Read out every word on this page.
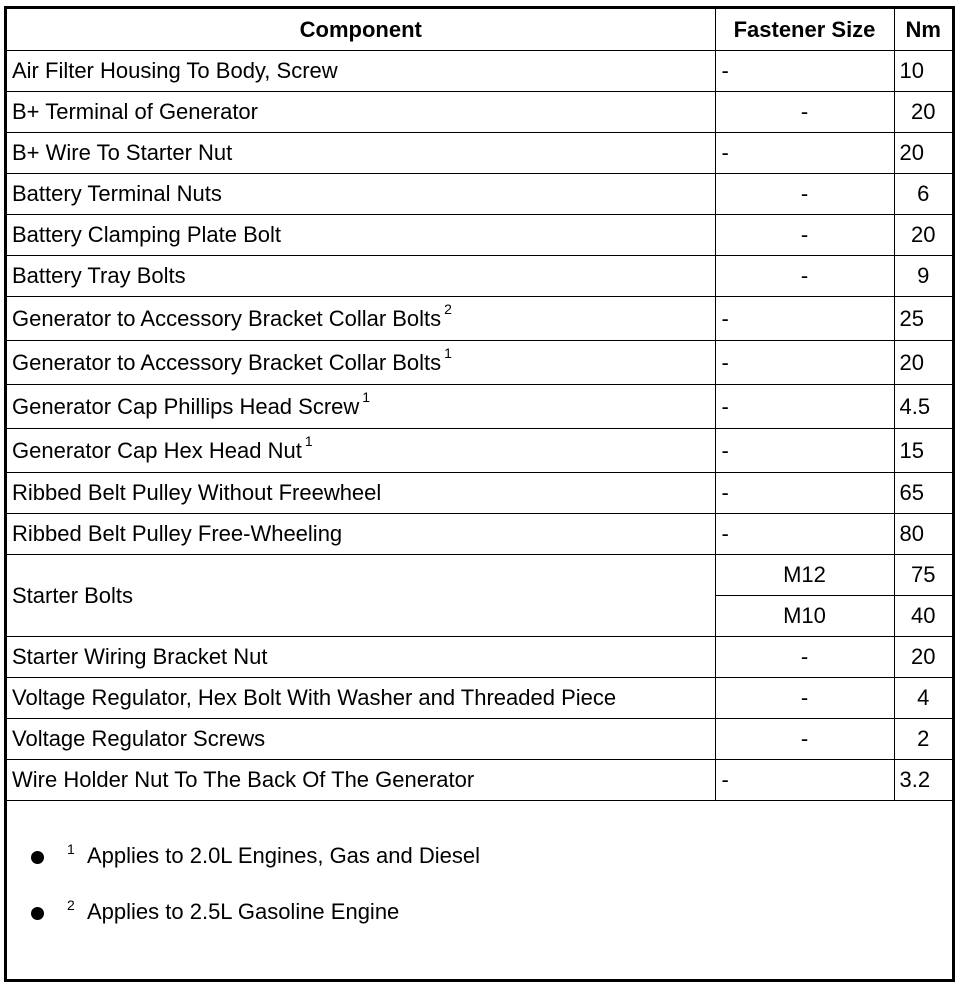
Component	Fastener Size	Nm
Air Filter Housing To Body, Screw	-	10
B+ Terminal of Generator	-	20
B+ Wire To Starter Nut	-	20
Battery Terminal Nuts	-	6
Battery Clamping Plate Bolt	-	20
Battery Tray Bolts	-	9
Generator to Accessory Bracket Collar Bolts $^2$	-	25
Generator to Accessory Bracket Collar Bolts $^1$	-	20
Generator Cap Phillips Head Screw $^1$	-	4.5
Generator Cap Hex Head Nut $^1$	-	15
Ribbed Belt Pulley Without Freewheel	-	65
Ribbed Belt Pulley Free-Wheeling	-	80
Starter Bolts	M12	75
	M10	40
Starter Wiring Bracket Nut	-	20
Voltage Regulator, Hex Bolt With Washer and Threaded Piece	-	4
Voltage Regulator Screws	-	2
Wire Holder Nut To The Back Of The Generator	-	3.2
1 Applies to 2.0L Engines, Gas and Diesel
2 Applies to 2.5L Gasoline Engine
